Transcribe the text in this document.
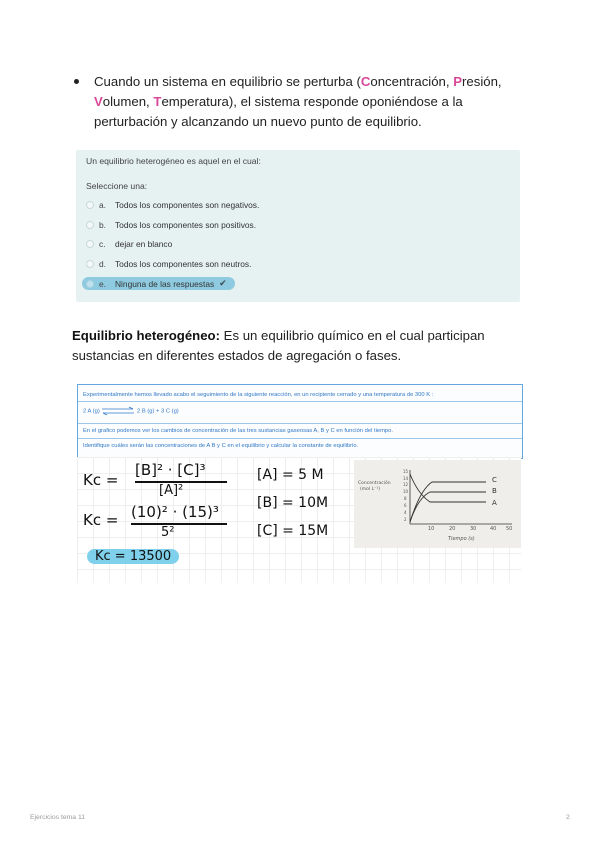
Cuando un sistema en equilibrio se perturba (Concentración, Presión,
Volumen, Temperatura), el sistema responde oponiéndose a la
perturbación y alcanzando un nuevo punto de equilibrio.
Un equilibrio heterogéneo es aquel en el cual:
Seleccione una:
a.	Todos los componentes son negativos.
b.	Todos los componentes son positivos.
c.	dejar en blanco
d.	Todos los componentes son neutros.
e.	Ninguna de las respuestas ✔
Equilibrio heterogéneo: Es un equilibrio químico en el cual participan
sustancias en diferentes estados de agregación o fases.
Experimentalmente hemos llevado acabo el seguimiento de la siguiente reacción, en un recipiente cerrado y una temperatura de 300 K :
2 A (g)	2 B (g) + 3 C (g)
En el grafico podemos ver los cambios de concentración de las tres sustancias gaseosas A, B y C en función del tiempo.
Identifique cuáles serán las concentraciones de A B y C en el equilibrio y calcular la constante de equilibrio.
Kc =
[B]² · [C]³
[A]²
Kc = (10)² · (15)³
5²
Kc = 13500
[A] = 5 M
[B] = 10M
[C] = 15M
Concentración
(mol L⁻¹)
15
14
12
10
8
6
4
2
10	20	30	40 50
Tiempo (s)
C
B
A
Ejercicios tema 11	2
